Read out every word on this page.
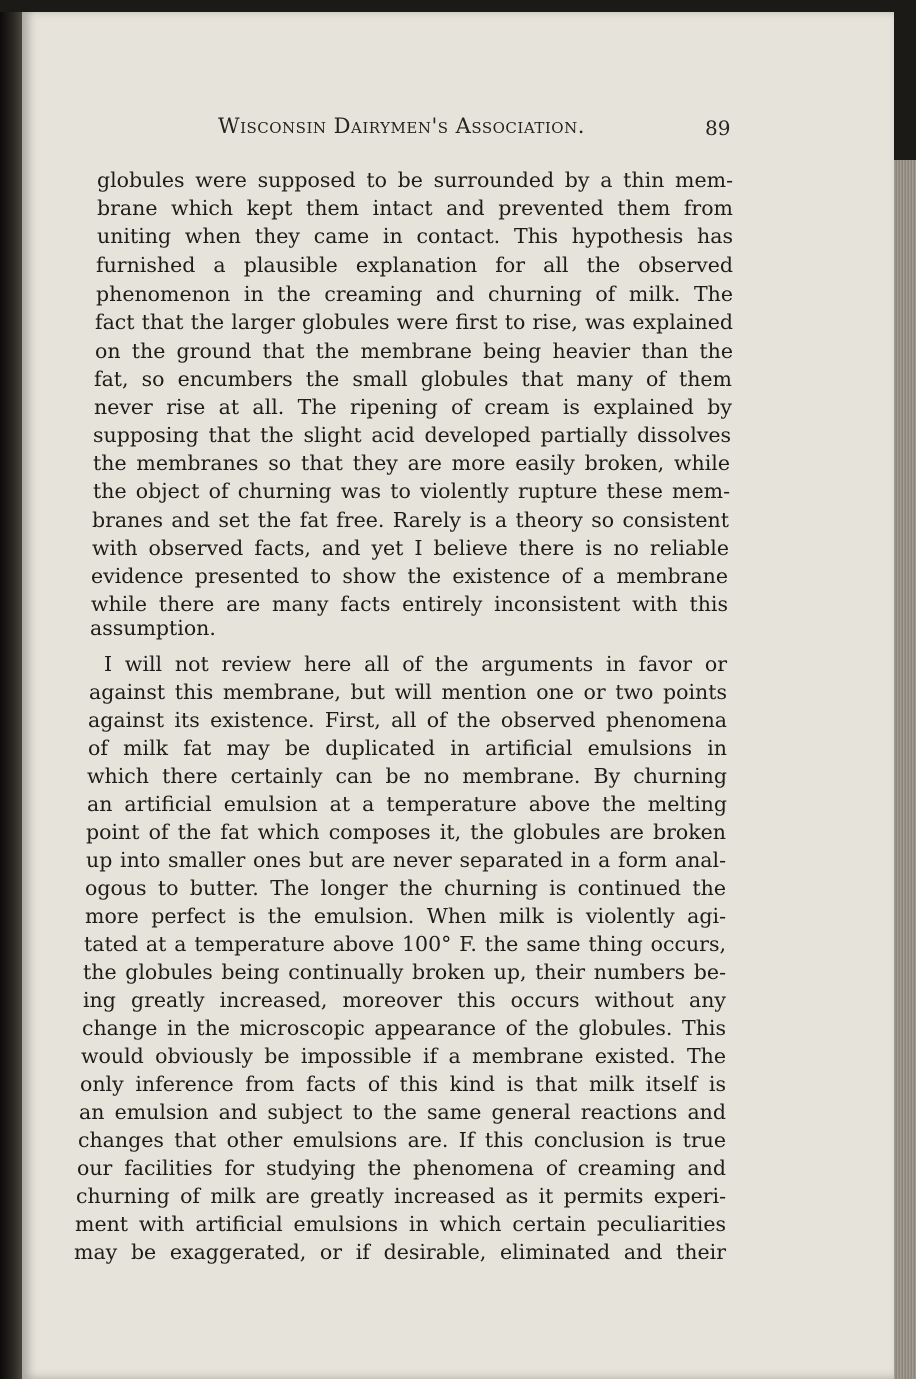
Wisconsin Dairymen's Association.	89
globules were supposed to be surrounded by a thin mem-
brane which kept them intact and prevented them from
uniting when they came in contact. This hypothesis has
furnished a plausible explanation for all the observed
phenomenon in the creaming and churning of milk. The
fact that the larger globules were first to rise, was explained
on the ground that the membrane being heavier than the
fat, so encumbers the small globules that many of them
never rise at all. The ripening of cream is explained by
supposing that the slight acid developed partially dissolves
the membranes so that they are more easily broken, while
the object of churning was to violently rupture these mem-
branes and set the fat free. Rarely is a theory so consistent
with observed facts, and yet I believe there is no reliable
evidence presented to show the existence of a membrane
while there are many facts entirely inconsistent with this
assumption.
I will not review here all of the arguments in favor or
against this membrane, but will mention one or two points
against its existence. First, all of the observed phenomena
of milk fat may be duplicated in artificial emulsions in
which there certainly can be no membrane. By churning
an artificial emulsion at a temperature above the melting
point of the fat which composes it, the globules are broken
up into smaller ones but are never separated in a form anal-
ogous to butter. The longer the churning is continued the
more perfect is the emulsion. When milk is violently agi-
tated at a temperature above 100° F. the same thing occurs,
the globules being continually broken up, their numbers be-
ing greatly increased, moreover this occurs without any
change in the microscopic appearance of the globules. This
would obviously be impossible if a membrane existed. The
only inference from facts of this kind is that milk itself is
an emulsion and subject to the same general reactions and
changes that other emulsions are. If this conclusion is true
our facilities for studying the phenomena of creaming and
churning of milk are greatly increased as it permits experi-
ment with artificial emulsions in which certain peculiarities
may be exaggerated, or if desirable, eliminated and their
